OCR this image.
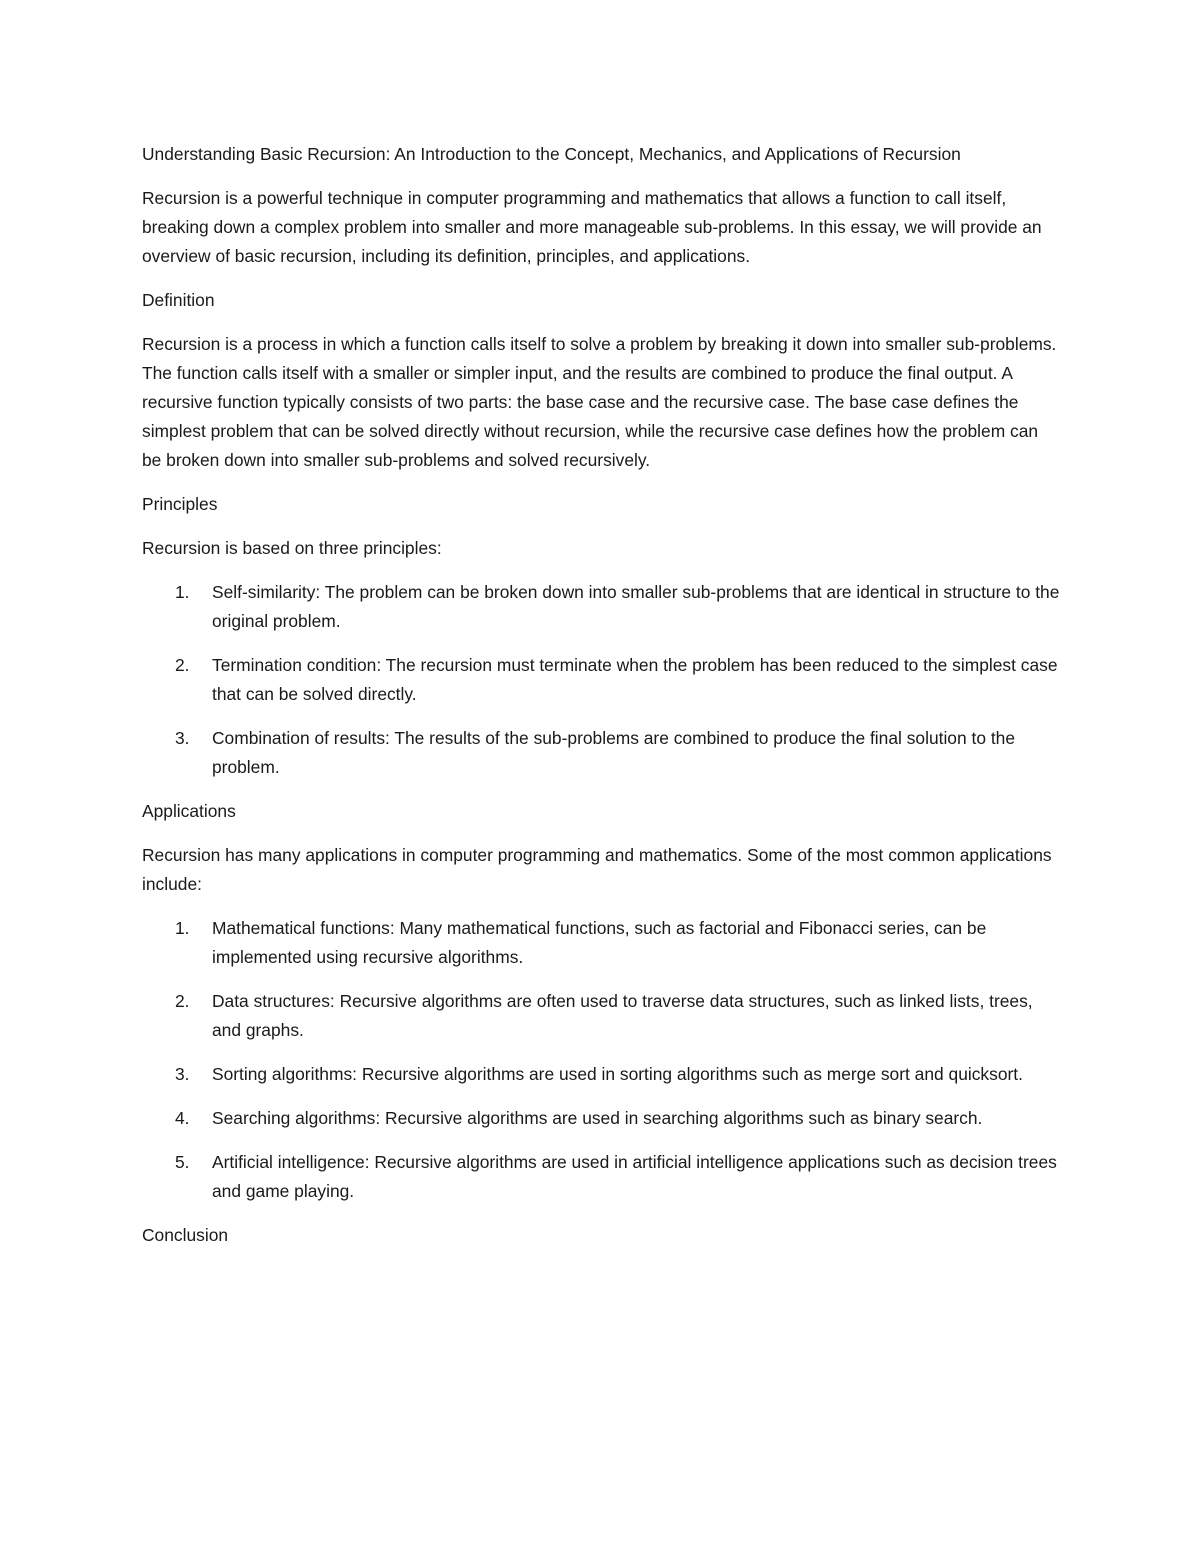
Understanding Basic Recursion: An Introduction to the Concept, Mechanics, and Applications of Recursion

Recursion is a powerful technique in computer programming and mathematics that allows a function to call itself, breaking down a complex problem into smaller and more manageable sub-problems. In this essay, we will provide an overview of basic recursion, including its definition, principles, and applications.

Definition

Recursion is a process in which a function calls itself to solve a problem by breaking it down into smaller sub-problems. The function calls itself with a smaller or simpler input, and the results are combined to produce the final output. A recursive function typically consists of two parts: the base case and the recursive case. The base case defines the simplest problem that can be solved directly without recursion, while the recursive case defines how the problem can be broken down into smaller sub-problems and solved recursively.

Principles

Recursion is based on three principles:

1. Self-similarity: The problem can be broken down into smaller sub-problems that are identical in structure to the original problem.
2. Termination condition: The recursion must terminate when the problem has been reduced to the simplest case that can be solved directly.
3. Combination of results: The results of the sub-problems are combined to produce the final solution to the problem.

Applications

Recursion has many applications in computer programming and mathematics. Some of the most common applications include:

1. Mathematical functions: Many mathematical functions, such as factorial and Fibonacci series, can be implemented using recursive algorithms.
2. Data structures: Recursive algorithms are often used to traverse data structures, such as linked lists, trees, and graphs.
3. Sorting algorithms: Recursive algorithms are used in sorting algorithms such as merge sort and quicksort.
4. Searching algorithms: Recursive algorithms are used in searching algorithms such as binary search.
5. Artificial intelligence: Recursive algorithms are used in artificial intelligence applications such as decision trees and game playing.

Conclusion
